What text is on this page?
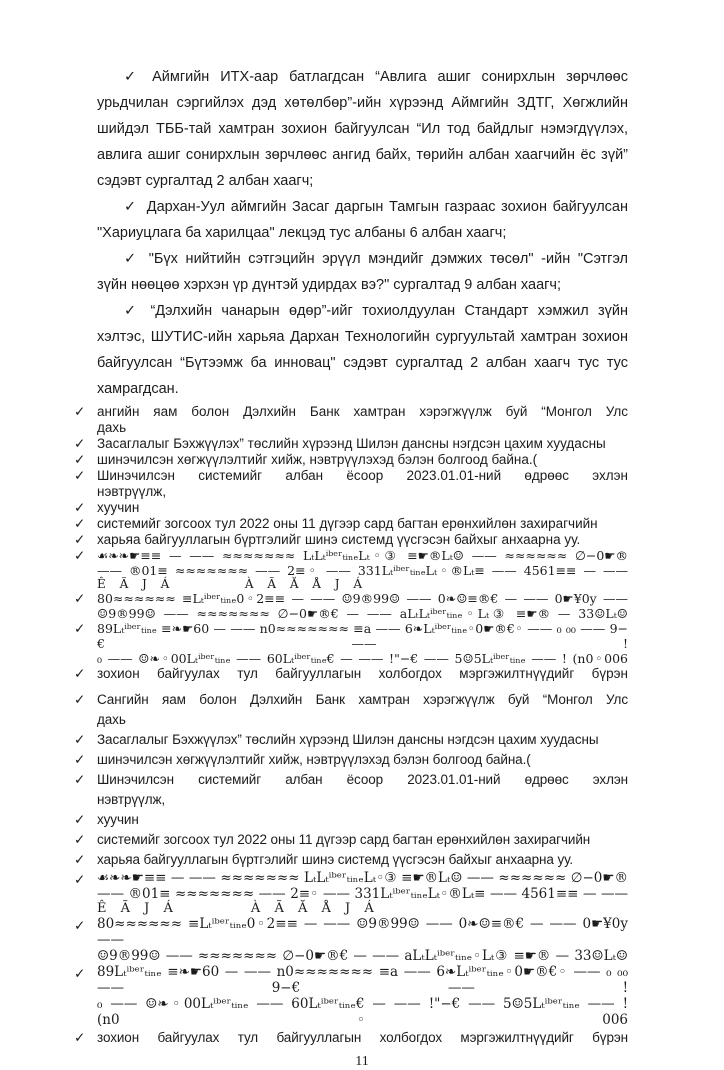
✓ Аймгийн ИТХ-аар батлагдсан “Авлига ашиг сонирхлын зөрчлөөс урьдчилан сэргийлэх дэд хөтөлбөр”-ийн хүрээнд Аймгийн ЗДТГ, Хөгжлийн шийдэл ТББ-тай хамтран зохион байгуулсан “Ил тод байдлыг нэмэгдүүлэх, авлига ашиг сонирхлын зөрчлөөс ангид байх, төрийн албан хаагчийн ёс зүй” сэдэвт сургалтад 2 албан хаагч;

✓ Дархан-Уул аймгийн Засаг даргын Тамгын газраас зохион байгуулсан "Хариуцлага ба харилцаа" лекцэд тус албаны 6 албан хаагч;

✓ "Бүх нийтийн сэтгэцийн эрүүл мэндийг дэмжих төсөл" -ийн "Сэтгэл зүйн нөөцөө хэрхэн үр дүнтэй удирдах вэ?" сургалтад 9 албан хаагч;

✓ “Дэлхийн чанарын өдөр”-ийг тохиолдуулан Стандарт хэмжил зүйн хэлтэс, ШУТИС-ийн харьяа Дархан Технологийн сургуультай хамтран зохион байгуулсан “Бүтээмж ба инновац" сэдэвт сургалтад 2 албан хаагч тус тус хамрагдсан.

✓ ангийн яам болон Дэлхийн Банк хамтран хэрэгжүүлж буй “Монгол Улс
дахь
✓ Засаглалыг Бэхжүүлэх” төслийн хүрээнд Шилэн дансны нэгдсэн цахим хуудасны
✓ шинэчилсэн хөгжүүлэлтийг хийж, нэвтрүүлэхэд бэлэн болгоод байна.(
✓ Шинэчилсэн системийг албан ёсоор 2023.01.01-ний өдрөөс эхлэн
нэвтрүүлж,
✓ хуучин
✓ системийг зогсоох тул 2022 оны 11 дүгээр сард багтан ерөнхийлөн захирагчийн
✓ харьяа байгууллагын бүртгэлийг шинэ системд үүсгэсэн байхыг анхаарна уу.
✓ ☙❧❧☛≡≡ — —— ≈≈≈≈≈≈≈ LₜLₜⁱᵇᵉʳₜᵢₙₑLₜ◦③ ≡☛®Lₜ☺ —— ≈≈≈≈≈≈ ∅−0☛®
—— ®01≡ ≈≈≈≈≈≈≈ —— 2≡◦ —— 331LₜⁱᵇᵉʳₜᵢₙₑLₜ◦®Lₜ≡ —— 4561≡≡ — ——
Ê Ã J Á        À Ã Ă Å J Á
✓ 80≈≈≈≈≈≈ ≡Lₜⁱᵇᵉʳₜᵢₙₑ0◦2≡≡ — —— ☺9®99☺ —— 0❧☺≡®€ — —— 0☛¥0y ——
☺9®99☺ —— ≈≈≈≈≈≈≈ ∅−0☛®€ — —— aLₜLₜⁱᵇᵉʳₜᵢₙₑ◦Lₜ③ ≡☛® — 33☺Lₜ☺
✓ 89Lₜⁱᵇᵉʳₜᵢₙₑ ≡❧☛60 — —— n0≈≈≈≈≈≈≈ ≡a —— 6❧Lₜⁱᵇᵉʳₜᵢₙₑ◦0☛®€◦ —— ₀ ₀₀ —— 9−€ —— !
₀ —— ☺❧◦00Lₜⁱᵇᵉʳₜᵢₙₑ —— 60Lₜⁱᵇᵉʳₜᵢₙₑ€ — —— !"−€ —— 5☺5Lₜⁱᵇᵉʳₜᵢₙₑ —— ! (n0◦006
✓ зохион байгуулах тул байгууллагын холбогдох мэргэжилтнүүдийг бүрэн
✓ Сангийн яам болон Дэлхийн Банк хамтран хэрэгжүүлж буй “Монгол Улс
дахь
✓ Засаглалыг Бэхжүүлэх” төслийн хүрээнд Шилэн дансны нэгдсэн цахим хуудасны
✓ шинэчилсэн хөгжүүлэлтийг хийж, нэвтрүүлэхэд бэлэн болгоод байна.(
✓ Шинэчилсэн системийг албан ёсоор 2023.01.01-ний өдрөөс эхлэн
нэвтрүүлж,
✓ хуучин
✓ системийг зогсоох тул 2022 оны 11 дүгээр сард багтан ерөнхийлөн захирагчийн
✓ харьяа байгууллагын бүртгэлийг шинэ системд үүсгэсэн байхыг анхаарна уу.
✓ ☙❧❧☛≡≡ — —— ≈≈≈≈≈≈≈ LₜLₜⁱᵇᵉʳₜᵢₙₑLₜ◦③ ≡☛®Lₜ☺ —— ≈≈≈≈≈≈ ∅−0☛®
—— ®01≡ ≈≈≈≈≈≈≈ —— 2≡◦ —— 331LₜⁱᵇᵉʳₜᵢₙₑLₜ◦®Lₜ≡ —— 4561≡≡ — ——
Ê Ã J Á        À Ã Ă Å J Á
✓ 80≈≈≈≈≈≈ ≡Lₜⁱᵇᵉʳₜᵢₙₑ0◦2≡≡ — —— ☺9®99☺ —— 0❧☺≡®€ — —— 0☛¥0y ——
☺9®99☺ —— ≈≈≈≈≈≈≈ ∅−0☛®€ — —— aLₜLₜⁱᵇᵉʳₜᵢₙₑ◦Lₜ③ ≡☛® — 33☺Lₜ☺
✓ 89Lₜⁱᵇᵉʳₜᵢₙₑ ≡❧☛60 — —— n0≈≈≈≈≈≈≈ ≡a —— 6❧Lₜⁱᵇᵉʳₜᵢₙₑ◦0☛®€◦ —— ₀ ₀₀ —— 9−€ —— !
₀ —— ☺❧◦00Lₜⁱᵇᵉʳₜᵢₙₑ —— 60Lₜⁱᵇᵉʳₜᵢₙₑ€ — —— !"−€ —— 5☺5Lₜⁱᵇᵉʳₜᵢₙₑ —— ! (n0◦006
✓ зохион байгуулах тул байгууллагын холбогдох мэргэжилтнүүдийг бүрэн
11
